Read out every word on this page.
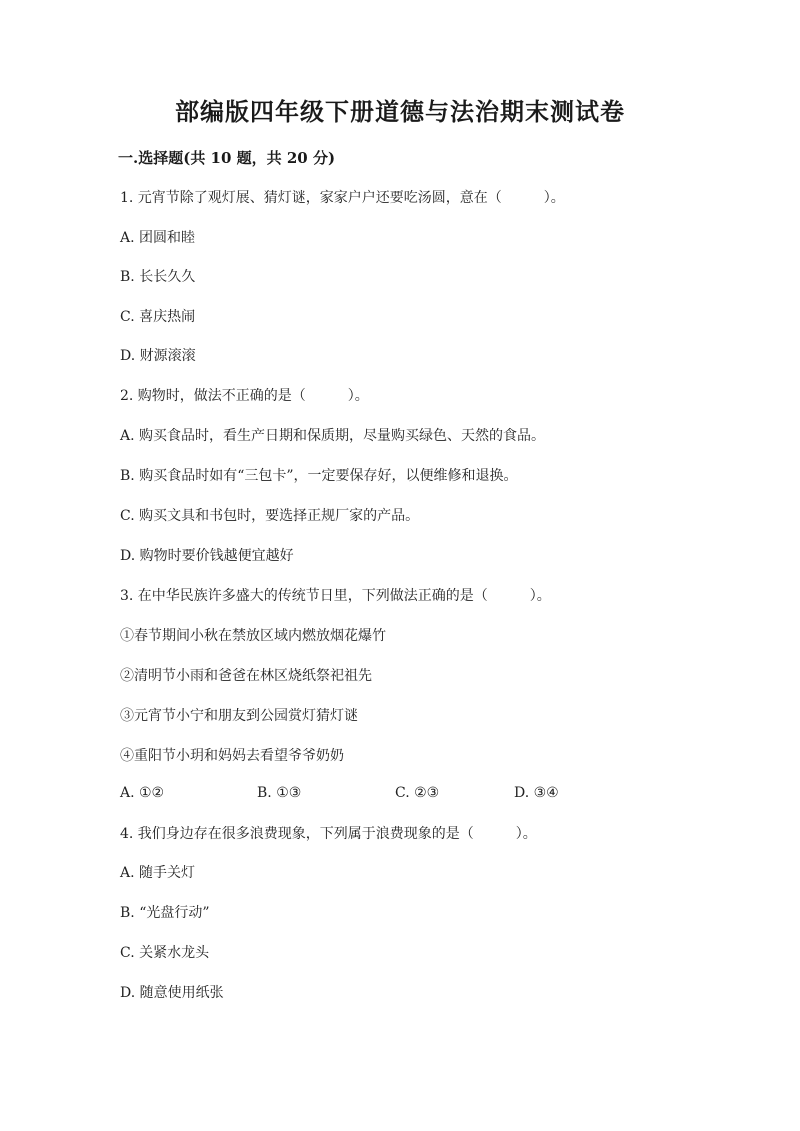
部编版四年级下册道德与法治期末测试卷
一.选择题(共 10 题，共 20 分)
1. 元宵节除了观灯展、猜灯谜，家家户户还要吃汤圆，意在（　　　）。
A. 团圆和睦
B. 长长久久
C. 喜庆热闹
D. 财源滚滚
2. 购物时，做法不正确的是（　　　）。
A. 购买食品时，看生产日期和保质期，尽量购买绿色、天然的食品。
B. 购买食品时如有“三包卡”，一定要保存好，以便维修和退换。
C. 购买文具和书包时，要选择正规厂家的产品。
D. 购物时要价钱越便宜越好
3. 在中华民族许多盛大的传统节日里，下列做法正确的是（　　　）。
①春节期间小秋在禁放区域内燃放烟花爆竹
②清明节小雨和爸爸在林区烧纸祭祀祖先
③元宵节小宁和朋友到公园赏灯猜灯谜
④重阳节小玥和妈妈去看望爷爷奶奶
A. ①②	B. ①③	C. ②③	D. ③④
4. 我们身边存在很多浪费现象，下列属于浪费现象的是（　　　）。
A. 随手关灯
B. “光盘行动”
C. 关紧水龙头
D. 随意使用纸张
